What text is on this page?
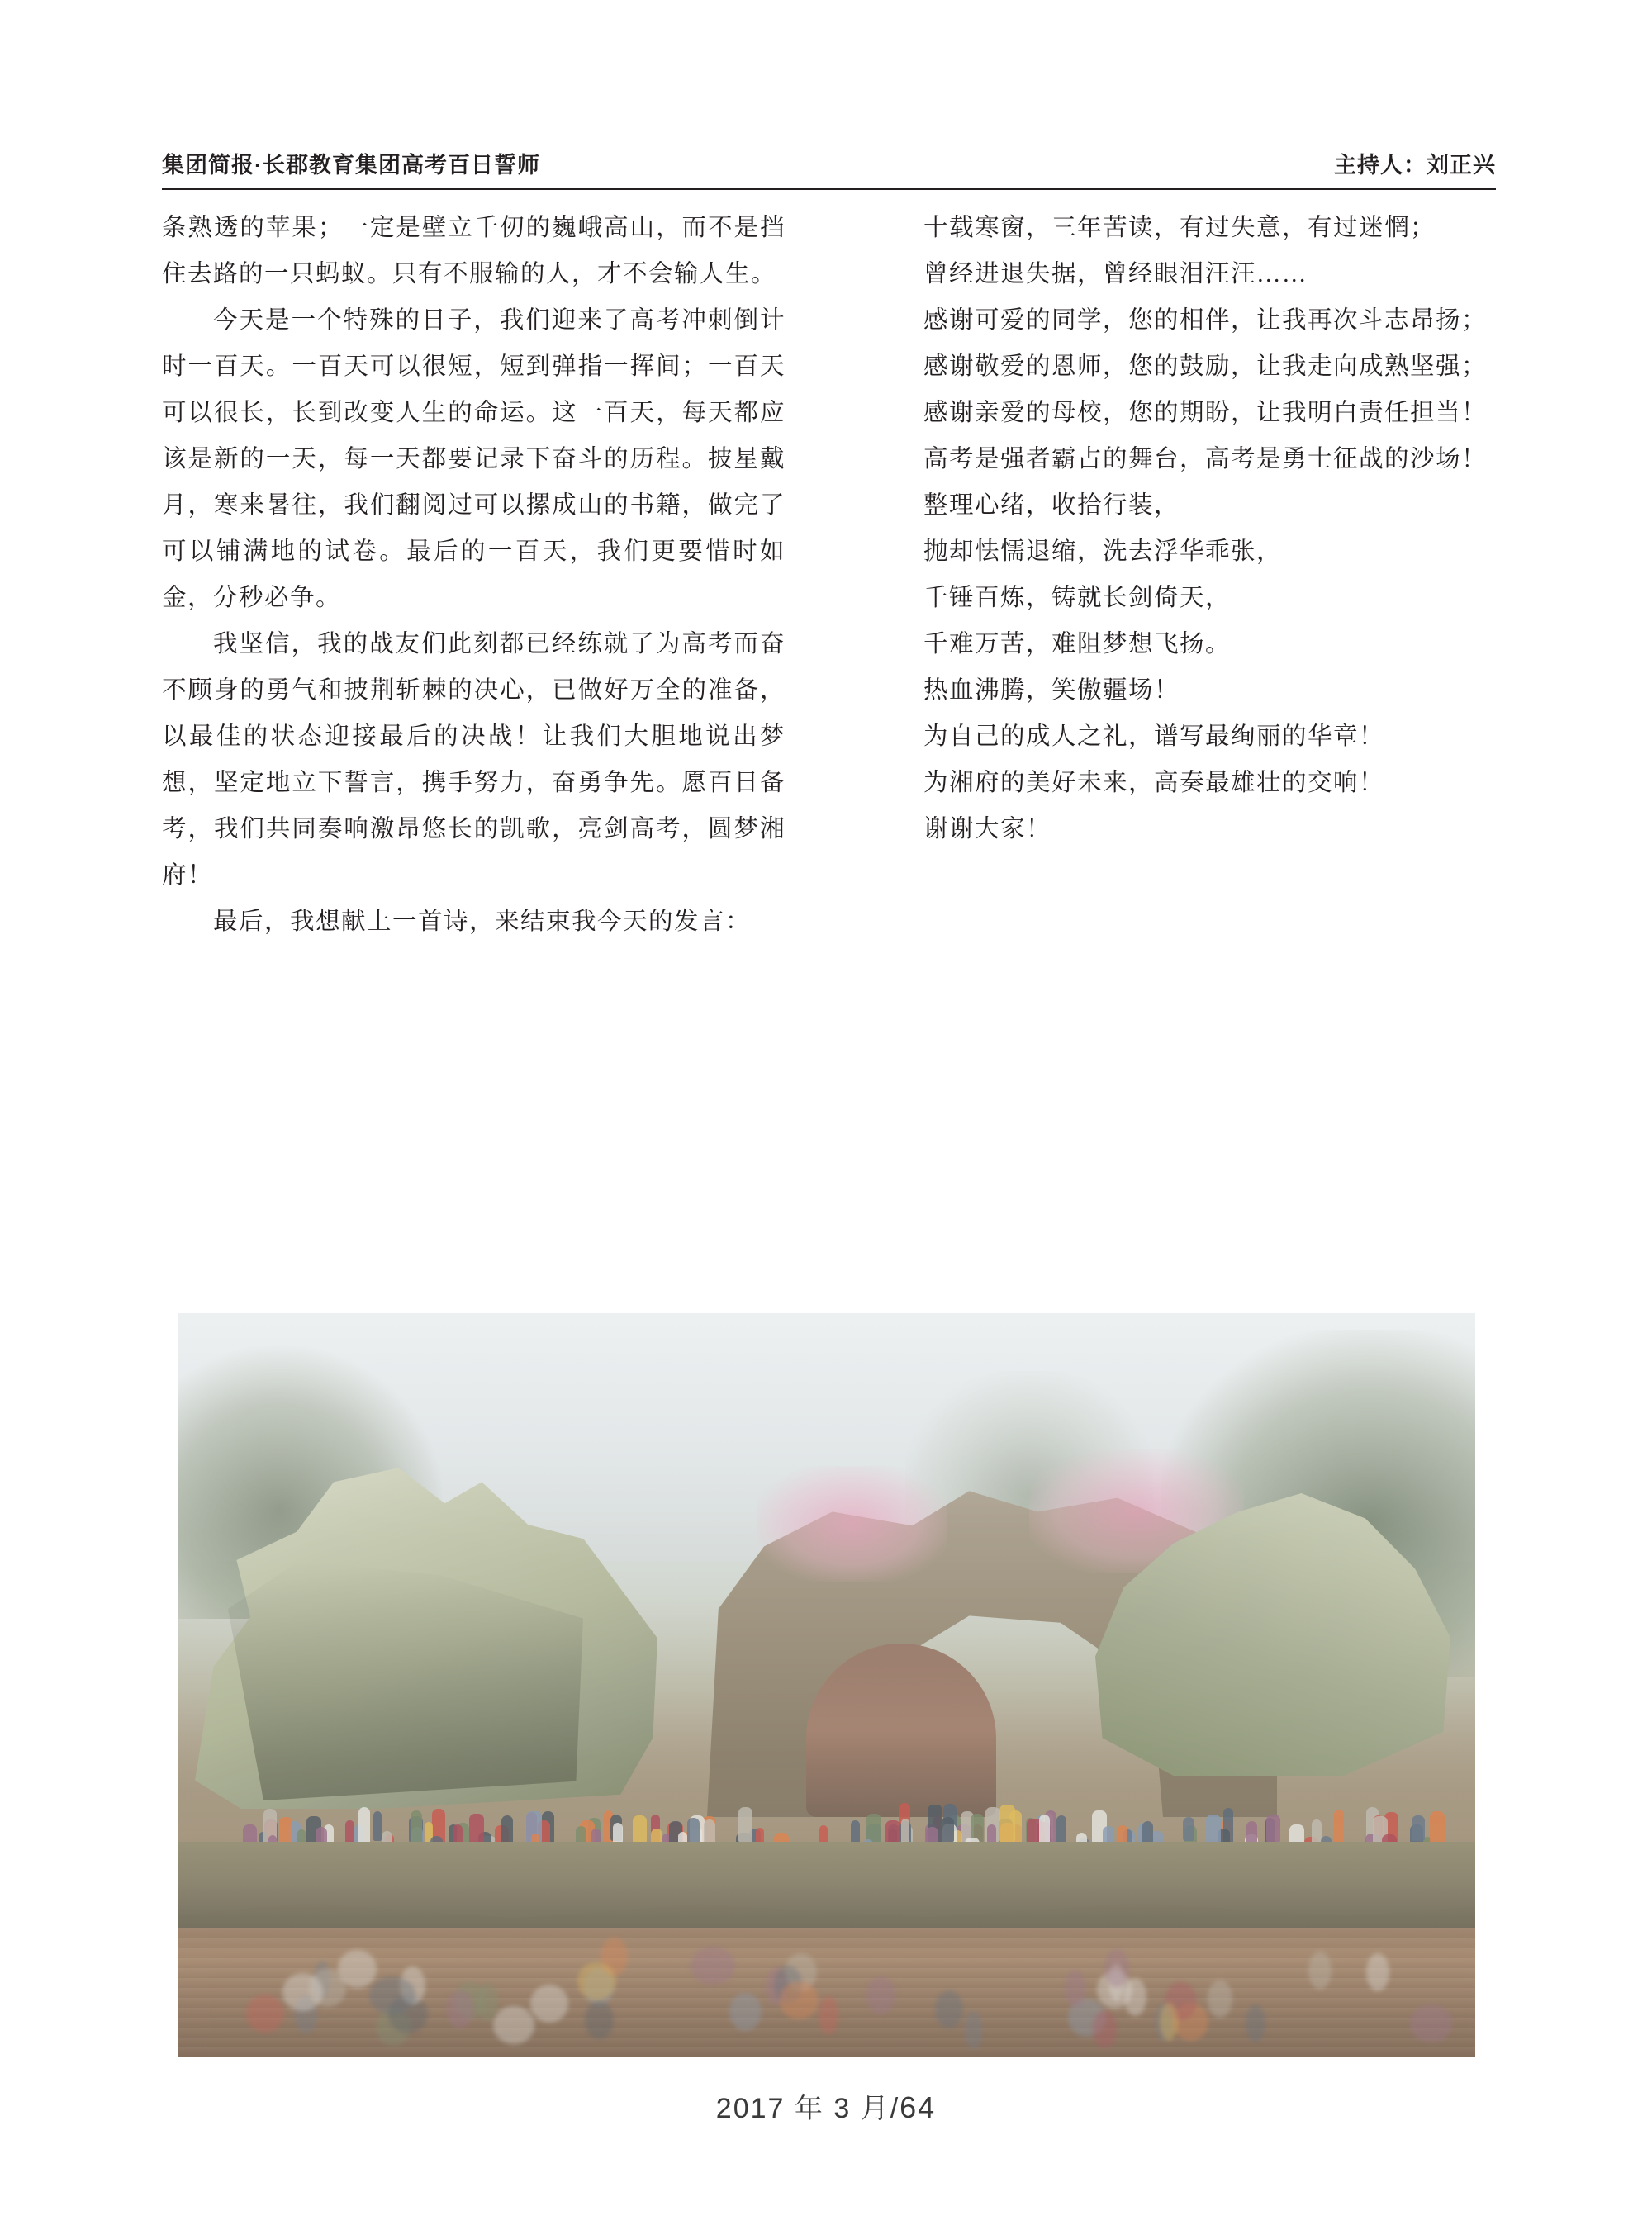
集团简报·长郡教育集团高考百日誓师	主持人：刘正兴

条熟透的苹果；一定是壁立千仞的巍峨高山，而不是挡住去路的一只蚂蚁。只有不服输的人，才不会输人生。

今天是一个特殊的日子，我们迎来了高考冲刺倒计时一百天。一百天可以很短，短到弹指一挥间；一百天可以很长，长到改变人生的命运。这一百天，每天都应该是新的一天，每一天都要记录下奋斗的历程。披星戴月，寒来暑往，我们翻阅过可以摞成山的书籍，做完了可以铺满地的试卷。最后的一百天，我们更要惜时如金，分秒必争。

我坚信，我的战友们此刻都已经练就了为高考而奋不顾身的勇气和披荆斩棘的决心，已做好万全的准备，以最佳的状态迎接最后的决战！让我们大胆地说出梦想，坚定地立下誓言，携手努力，奋勇争先。愿百日备考，我们共同奏响激昂悠长的凯歌，亮剑高考，圆梦湘府！

最后，我想献上一首诗，来结束我今天的发言：

十载寒窗，三年苦读，有过失意，有过迷惘；

曾经进退失据，曾经眼泪汪汪……

感谢可爱的同学，您的相伴，让我再次斗志昂扬；

感谢敬爱的恩师，您的鼓励，让我走向成熟坚强；

感谢亲爱的母校，您的期盼，让我明白责任担当！

高考是强者霸占的舞台，高考是勇士征战的沙场！

整理心绪，收拾行装，

抛却怯懦退缩，洗去浮华乖张，

千锤百炼，铸就长剑倚天，

千难万苦，难阻梦想飞扬。

热血沸腾，笑傲疆场！

为自己的成人之礼，谱写最绚丽的华章！

为湘府的美好未来，高奏最雄壮的交响！

谢谢大家！

2017 年 3 月/64
